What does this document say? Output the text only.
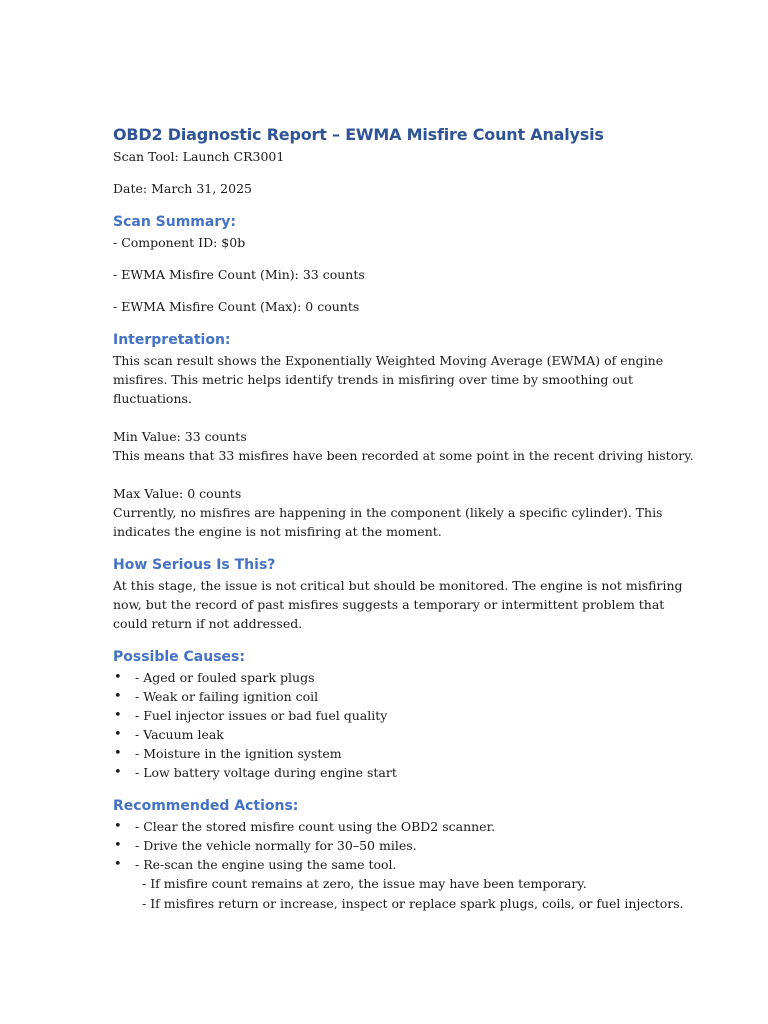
OBD2 Diagnostic Report – EWMA Misfire Count Analysis

Scan Tool: Launch CR3001

Date: March 31, 2025

Scan Summary:

- Component ID: $0b

- EWMA Misfire Count (Min): 33 counts

- EWMA Misfire Count (Max): 0 counts

Interpretation:

This scan result shows the Exponentially Weighted Moving Average (EWMA) of engine

misfires. This metric helps identify trends in misfiring over time by smoothing out

fluctuations.

Min Value: 33 counts

This means that 33 misfires have been recorded at some point in the recent driving history.

Max Value: 0 counts

Currently, no misfires are happening in the component (likely a specific cylinder). This

indicates the engine is not misfiring at the moment.

How Serious Is This?

At this stage, the issue is not critical but should be monitored. The engine is not misfiring

now, but the record of past misfires suggests a temporary or intermittent problem that

could return if not addressed.

Possible Causes:
• - Aged or fouled spark plugs
• - Weak or failing ignition coil
• - Fuel injector issues or bad fuel quality
• - Vacuum leak
• - Moisture in the ignition system
• - Low battery voltage during engine start
Recommended Actions:
• - Clear the stored misfire count using the OBD2 scanner.
• - Drive the vehicle normally for 30–50 miles.
• - Re-scan the engine using the same tool.
- If misfire count remains at zero, the issue may have been temporary.
- If misfires return or increase, inspect or replace spark plugs, coils, or fuel injectors.
